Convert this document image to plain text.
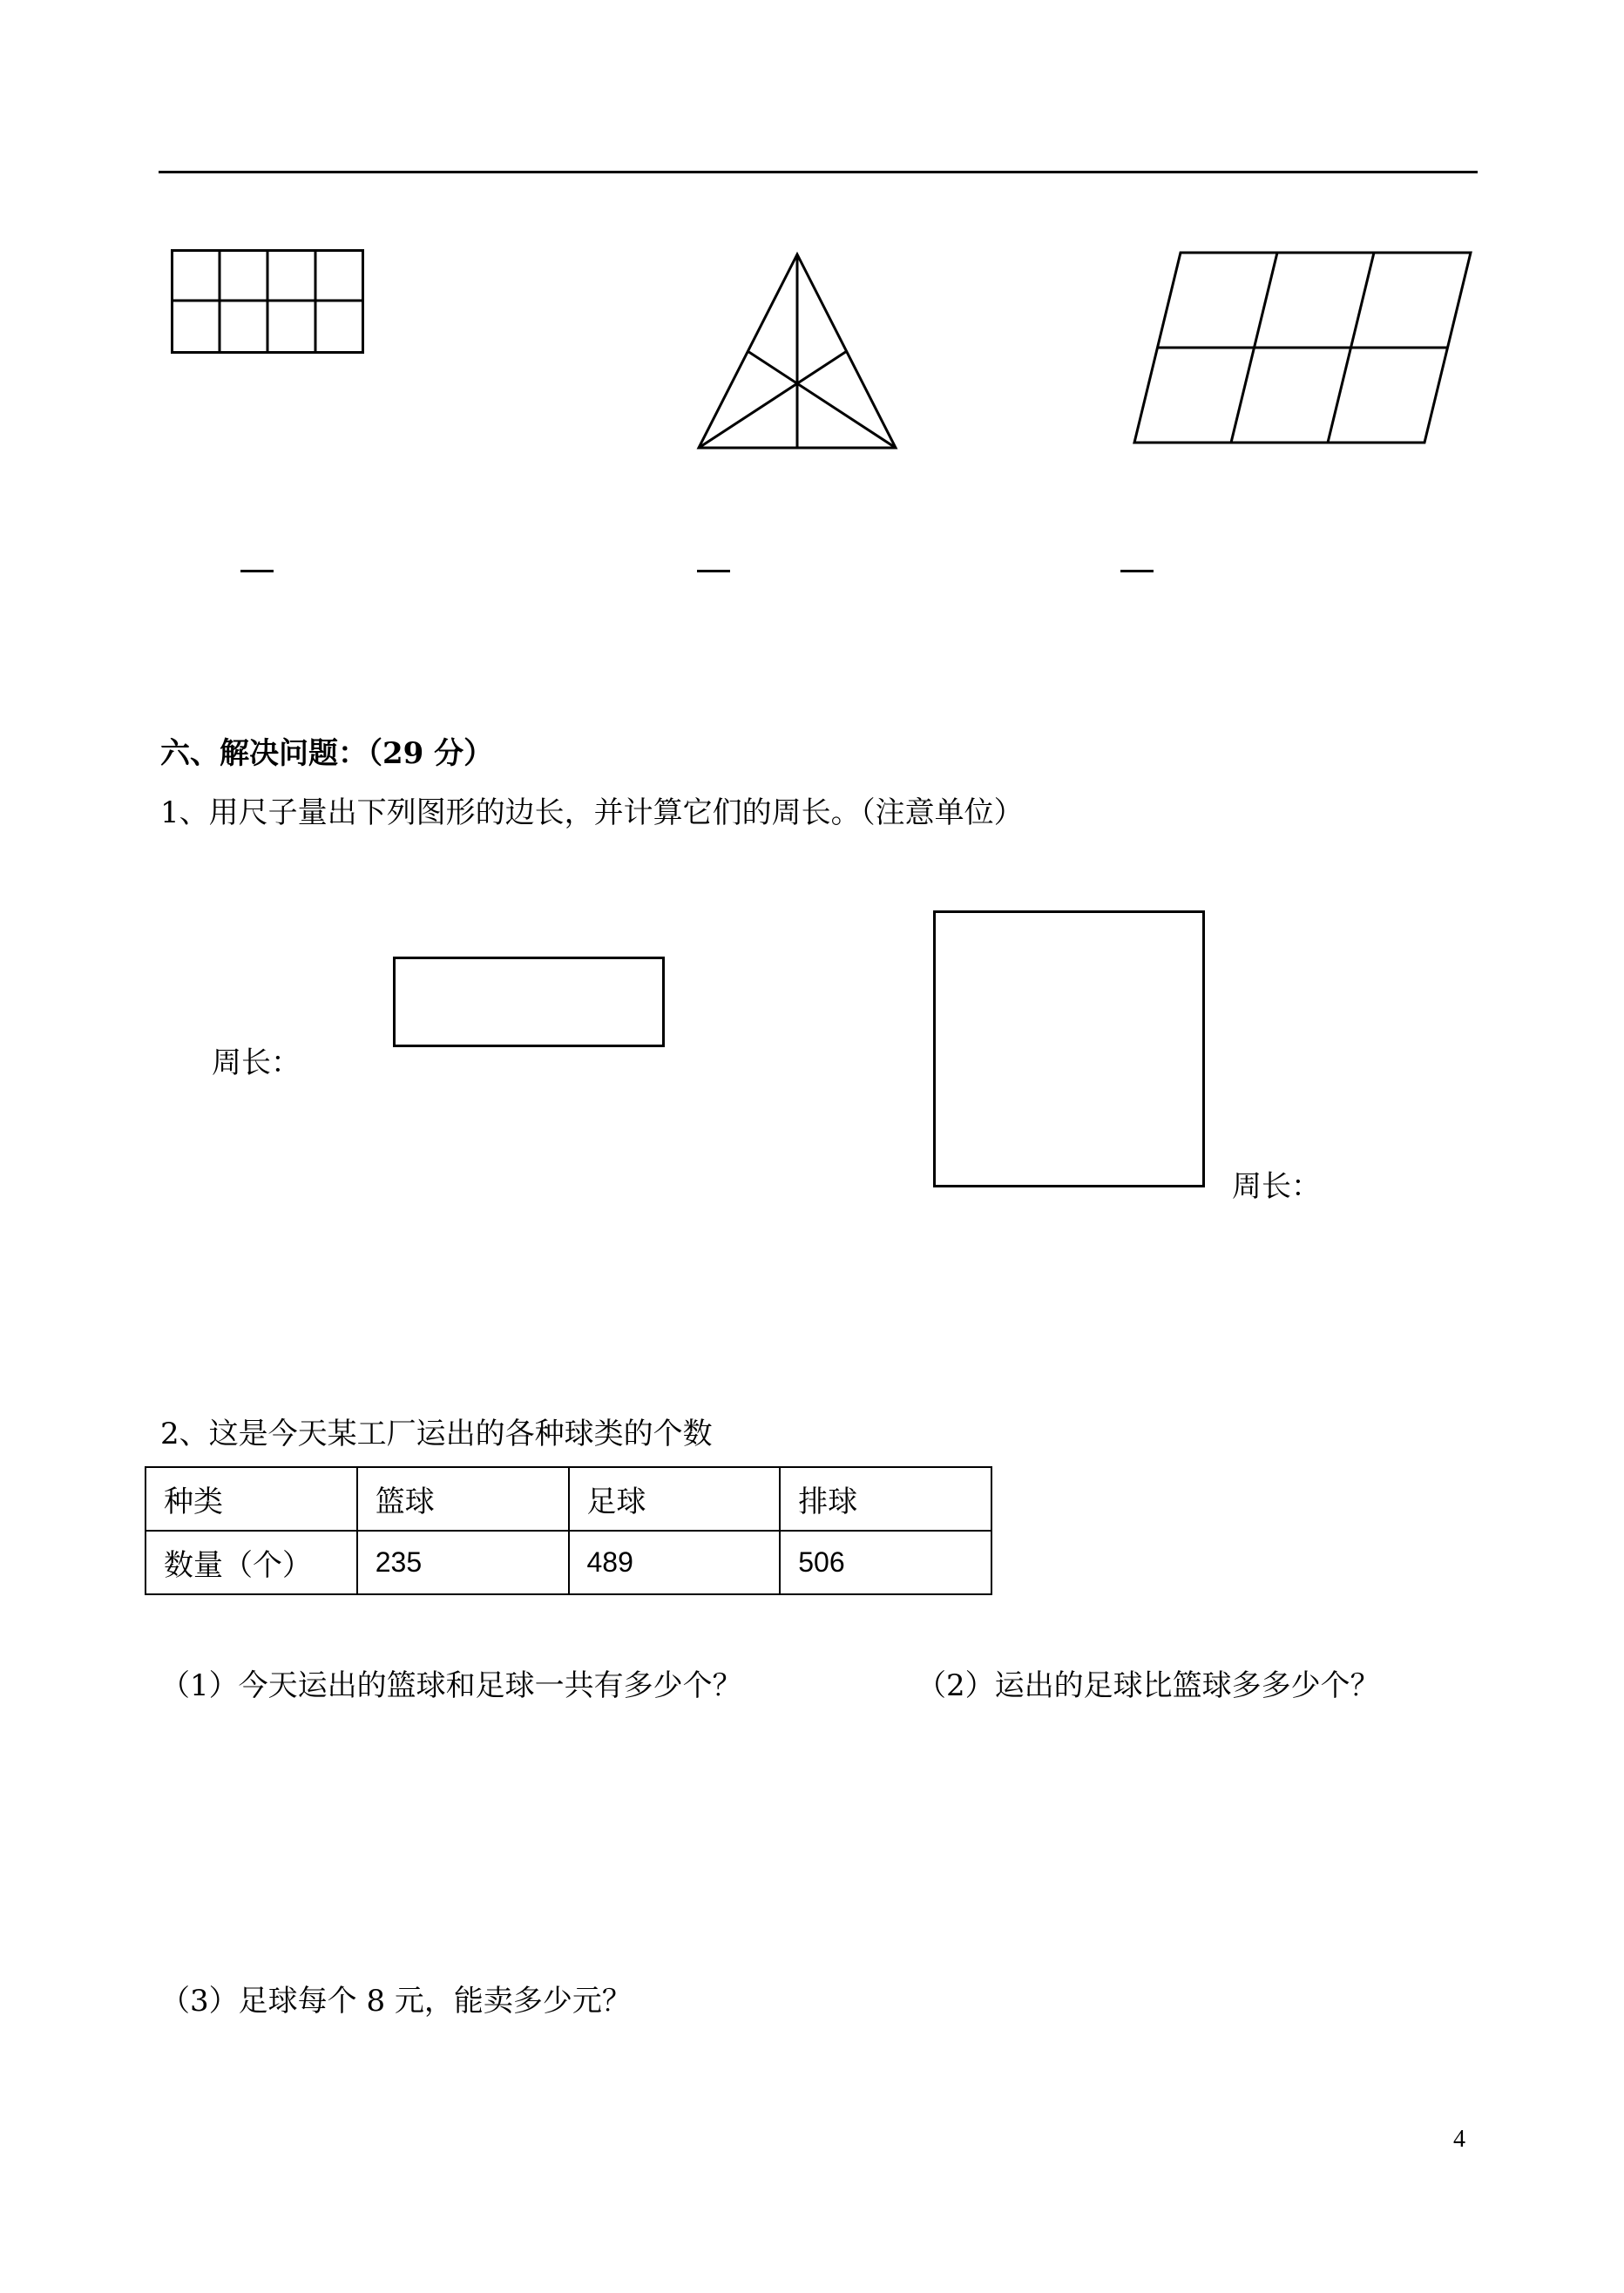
六、解决问题：（29 分）
1、用尺子量出下列图形的边长，并计算它们的周长。（注意单位）
周长：
周长：
2、这是今天某工厂运出的各种球类的个数
种类	篮球	足球	排球
数量（个）	235	489	506
（1）今天运出的篮球和足球一共有多少个？	（2）运出的足球比篮球多多少个？
（3）足球每个 8 元，能卖多少元？
4
